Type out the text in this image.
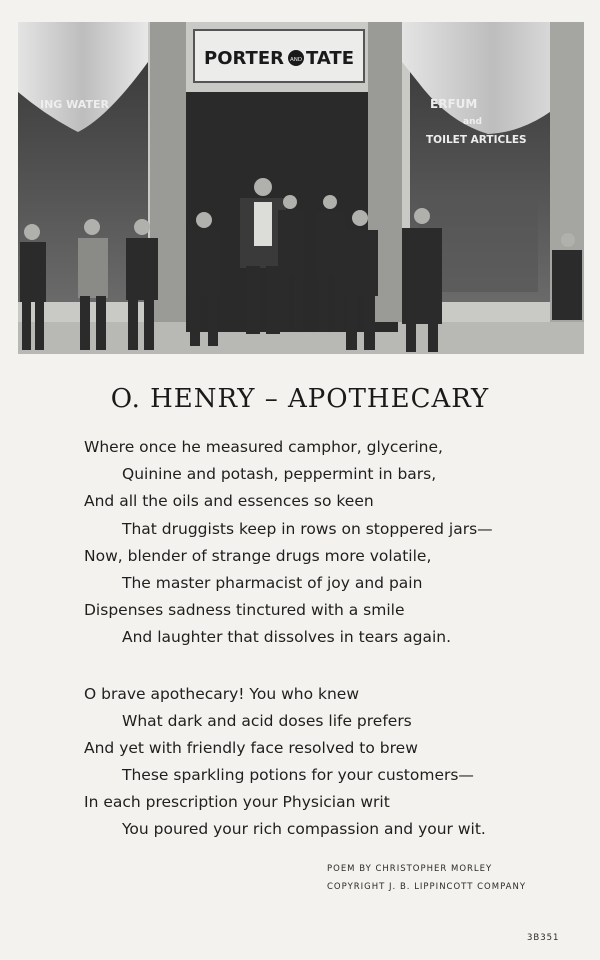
ING WATER
PORTER AND TATE
ERFUM
and
TOILET ARTICLES
O. HENRY – APOTHECARY
Where once he measured camphor, glycerine,
Quinine and potash, peppermint in bars,
And all the oils and essences so keen
That druggists keep in rows on stoppered jars—
Now, blender of strange drugs more volatile,
The master pharmacist of joy and pain
Dispenses sadness tinctured with a smile
And laughter that dissolves in tears again.
O brave apothecary! You who knew
What dark and acid doses life prefers
And yet with friendly face resolved to brew
These sparkling potions for your customers—
In each prescription your Physician writ
You poured your rich compassion and your wit.
POEM BY CHRISTOPHER MORLEY
COPYRIGHT J. B. LIPPINCOTT COMPANY
3B351
